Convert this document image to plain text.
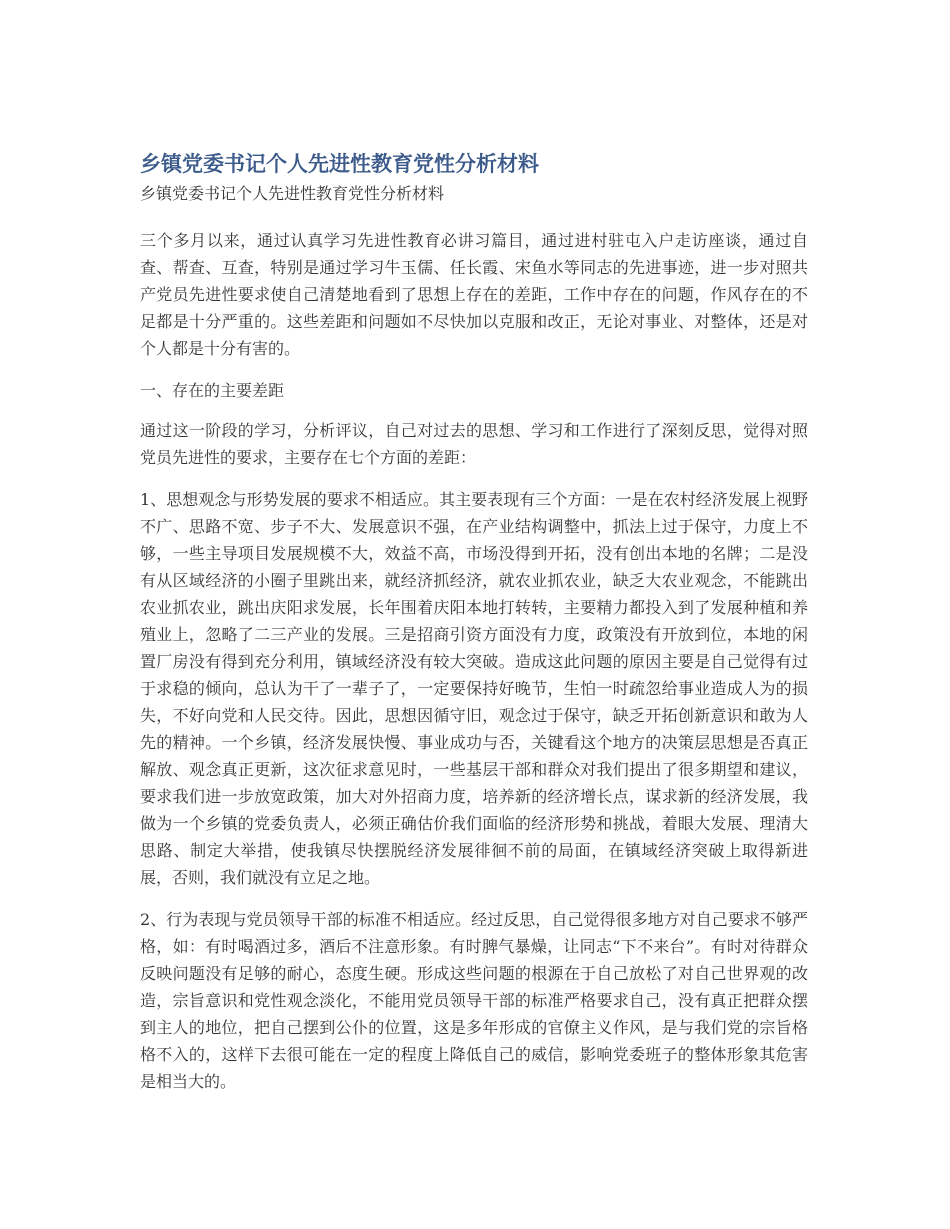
乡镇党委书记个人先进性教育党性分析材料
乡镇党委书记个人先进性教育党性分析材料

三个多月以来，通过认真学习先进性教育必讲习篇目，通过进村驻屯入户走访座谈，通过自查、帮查、互查，特别是通过学习牛玉儒、任长霞、宋鱼水等同志的先进事迹，进一步对照共产党员先进性要求使自己清楚地看到了思想上存在的差距，工作中存在的问题，作风存在的不足都是十分严重的。这些差距和问题如不尽快加以克服和改正，无论对事业、对整体，还是对个人都是十分有害的。

一、存在的主要差距

通过这一阶段的学习，分析评议，自己对过去的思想、学习和工作进行了深刻反思，觉得对照党员先进性的要求，主要存在七个方面的差距：

1、思想观念与形势发展的要求不相适应。其主要表现有三个方面：一是在农村经济发展上视野不广、思路不宽、步子不大、发展意识不强，在产业结构调整中，抓法上过于保守，力度上不够，一些主导项目发展规模不大，效益不高，市场没得到开拓，没有创出本地的名牌；二是没有从区域经济的小圈子里跳出来，就经济抓经济，就农业抓农业，缺乏大农业观念，不能跳出农业抓农业，跳出庆阳求发展，长年围着庆阳本地打转转，主要精力都投入到了发展种植和养殖业上，忽略了二三产业的发展。三是招商引资方面没有力度，政策没有开放到位，本地的闲置厂房没有得到充分利用，镇域经济没有较大突破。造成这此问题的原因主要是自己觉得有过于求稳的倾向，总认为干了一辈子了，一定要保持好晚节，生怕一时疏忽给事业造成人为的损失，不好向党和人民交待。因此，思想因循守旧，观念过于保守，缺乏开拓创新意识和敢为人先的精神。一个乡镇，经济发展快慢、事业成功与否，关键看这个地方的决策层思想是否真正解放、观念真正更新，这次征求意见时，一些基层干部和群众对我们提出了很多期望和建议，要求我们进一步放宽政策，加大对外招商力度，培养新的经济增长点，谋求新的经济发展，我做为一个乡镇的党委负责人，必须正确估价我们面临的经济形势和挑战，着眼大发展、理清大思路、制定大举措，使我镇尽快摆脱经济发展徘徊不前的局面，在镇域经济突破上取得新进展，否则，我们就没有立足之地。

2、行为表现与党员领导干部的标准不相适应。经过反思，自己觉得很多地方对自己要求不够严格，如：有时喝酒过多，酒后不注意形象。有时脾气暴燥，让同志“下不来台”。有时对待群众反映问题没有足够的耐心，态度生硬。形成这些问题的根源在于自己放松了对自己世界观的改造，宗旨意识和党性观念淡化，不能用党员领导干部的标准严格要求自己，没有真正把群众摆到主人的地位，把自己摆到公仆的位置，这是多年形成的官僚主义作风，是与我们党的宗旨格格不入的，这样下去很可能在一定的程度上降低自己的威信，影响党委班子的整体形象其危害是相当大的。
